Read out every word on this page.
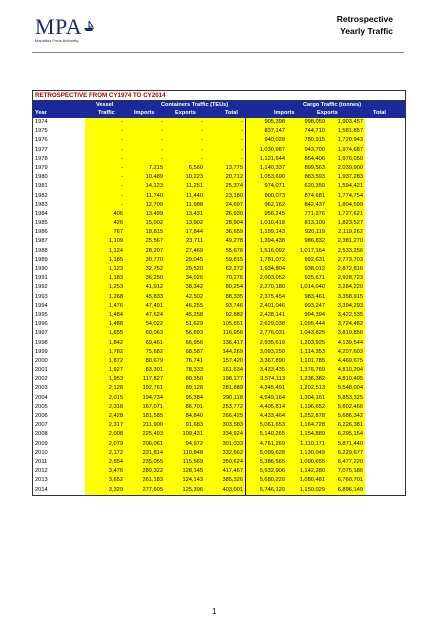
MPA
Mauritius Ports Authority
Retrospective
Yearly Traffic
RETROSPECTIVE FROM CY1974 TO CY2014
Vessel	Containers Traffic (TEUs)	Cargo Traffic (tonnes)
Year	Traffic	Imports	Exports	Total	Imports	Exports	Total
1974	-	-	-	-	905,398	998,059	1,903,457
1975	-	-	-	-	837,147	744,710	1,581,857
1976	-	-	-	-	940,028	780,915	1,720,943
1977	-	-	-	-	1,030,987	943,700	1,974,687
1978	-	-	-	-	1,121,644	854,406	1,976,050
1979	-	7,215	6,560	13,775	1,140,337	899,563	2,039,900
1980	-	10,489	10,223	20,712	1,053,690	883,593	1,937,283
1981	-	14,123	11,251	25,374	974,071	620,350	1,594,421
1982	-	11,740	11,440	23,180	900,073	874,681	1,774,754
1983	-	12,709	11,988	24,697	962,162	842,437	1,804,599
1984	406	13,499	13,431	26,930	956,245	771,376	1,727,621
1985	426	15,002	13,902	28,904	1,010,418	813,109	1,823,527
1986	767	18,815	17,844	36,659	1,199,143	920,119	2,119,262
1987	1,109	25,567	23,711	49,278	1,394,438	986,832	2,381,270
1988	1,124	28,207	27,469	55,676	1,516,092	1,017,164	2,533,256
1989	1,185	30,770	29,045	59,815	1,781,072	992,631	2,773,703
1990	1,123	32,752	29,520	62,272	1,934,804	938,012	2,872,816
1991	1,183	36,250	34,026	70,276	2,003,052	925,671	2,928,723
1992	1,253	41,912	38,342	80,254	2,270,180	1,014,040	3,284,220
1993	1,268	45,833	42,502	88,335	2,375,454	983,461	3,358,915
1994	1,476	47,491	46,255	93,746	2,401,046	993,247	3,394,293
1995	1,484	47,624	45,258	92,882	2,428,141	994,394	3,422,535
1996	1,488	54,022	51,629	105,651	2,629,038	1,095,444	3,724,482
1997	1,655	60,063	56,893	116,956	2,776,031	1,043,825	3,819,856
1998	1,842	69,461	66,956	136,417	2,935,619	1,203,925	4,139,544
1999	1,782	75,682	68,587	144,269	3,093,250	1,114,353	4,207,603
2000	1,872	80,679	76,741	157,420	3,367,890	1,101,785	4,469,675
2001	1,927	83,301	78,333	161,634	3,433,435	1,376,769	4,810,204
2002	1,953	117,827	80,350	198,177	3,574,113	1,236,382	4,810,495
2003	2,128	192,761	89,128	281,889	4,345,491	1,202,513	5,548,004
2004	2,015	194,734	95,384	290,118	4,549,164	1,304,161	5,853,325
2005	2,318	167,071	86,701	253,772	4,405,814	1,196,652	5,602,466
2006	2,428	181,585	84,840	266,425	4,433,464	1,252,878	5,686,342
2007	2,317	211,900	91,683	303,583	5,061,653	1,164,728	6,226,381
2008	2,008	225,493	109,431	334,924	5,140,265	1,154,889	6,295,154
2009	2,079	206,061	94,972	301,033	4,761,269	1,110,171	5,871,440
2010	2,172	221,814	110,848	332,662	5,099,628	1,130,049	6,229,677
2011	2,654	235,055	115,569	350,624	5,386,565	1,090,655	6,477,220
2012	3,476	289,322	128,145	417,467	5,932,906	1,142,280	7,075,186
2013	3,652	261,183	124,143	385,326	5,680,220	1,080,481	6,760,701
2014	3,329	277,605	125,396	403,001	5,746,120	1,150,029	6,896,149
1
